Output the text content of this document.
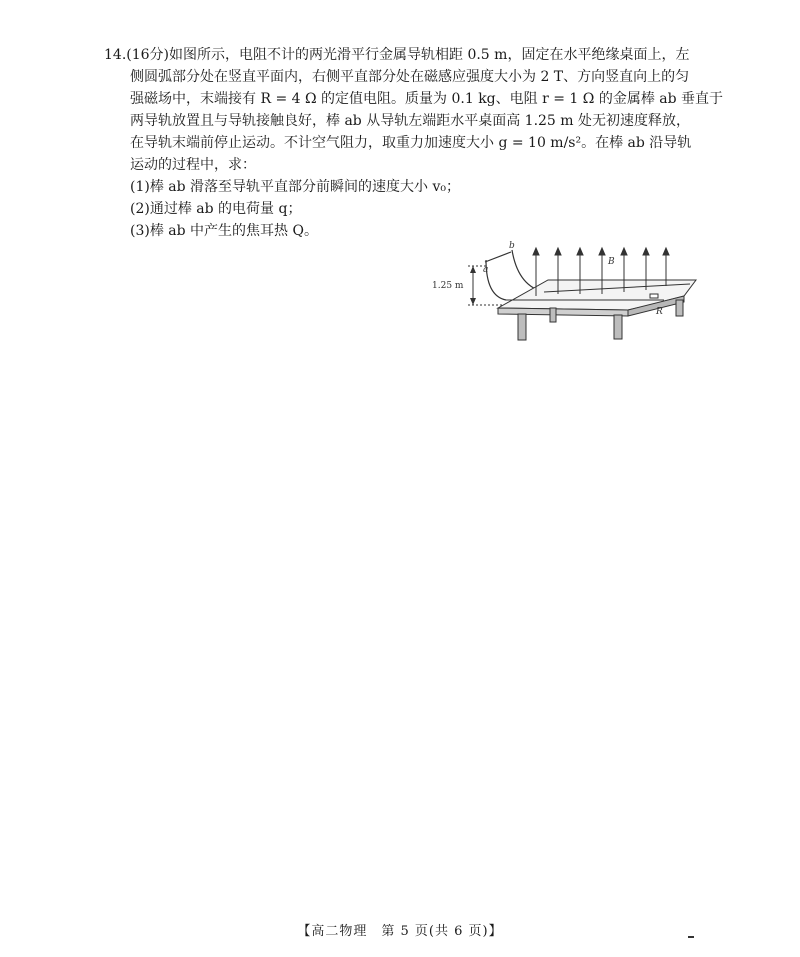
14.(16分)如图所示，电阻不计的两光滑平行金属导轨相距 0.5 m，固定在水平绝缘桌面上，左
侧圆弧部分处在竖直平面内，右侧平直部分处在磁感应强度大小为 2 T、方向竖直向上的匀
强磁场中，末端接有 R = 4 Ω 的定值电阻。质量为 0.1 kg、电阻 r = 1 Ω 的金属棒 ab 垂直于
两导轨放置且与导轨接触良好，棒 ab 从导轨左端距水平桌面高 1.25 m 处无初速度释放，
在导轨末端前停止运动。不计空气阻力，取重力加速度大小 g = 10 m/s²。在棒 ab 沿导轨
运动的过程中，求：
(1)棒 ab 滑落至导轨平直部分前瞬间的速度大小 v₀；
(2)通过棒 ab 的电荷量 q；
(3)棒 ab 中产生的焦耳热 Q。
1.25 m
a
b
R
B
【高二物理　第 5 页(共 6 页)】
